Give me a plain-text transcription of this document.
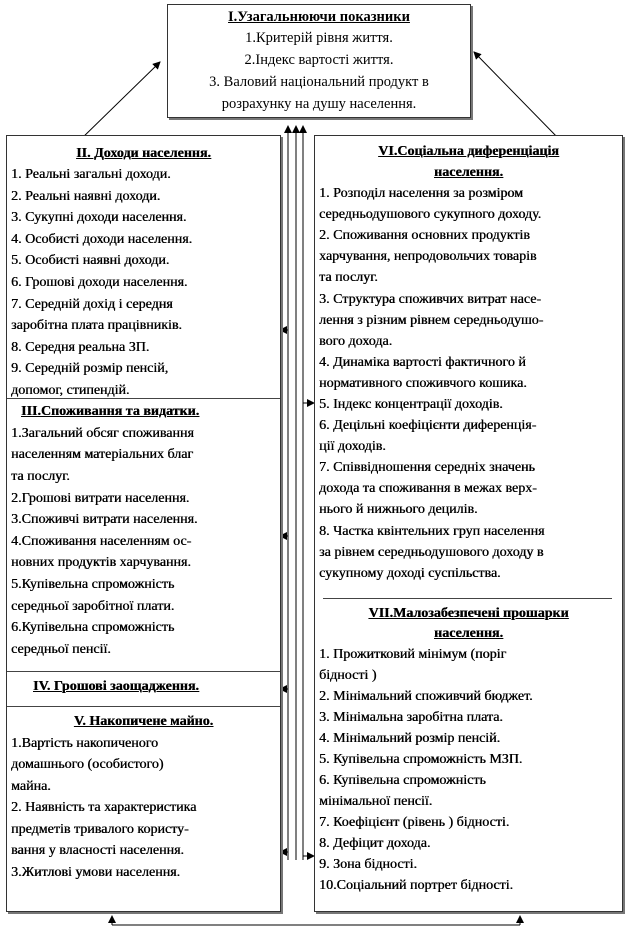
І.Узагальнюючи показники
1.Критерій рівня життя.
2.Індекс вартості життя.
3. Валовий національний продукт в
розрахунку на душу населення.
ІІ. Доходи населення.
1. Реальні загальні доходи.
2. Реальні наявні доходи.
3. Сукупні доходи населення.
4. Особисті доходи населення.
5. Особисті наявні доходи.
6. Грошові доходи населення.
7. Середній дохід і середня
заробітна плата працівників.
8. Середня реальна ЗП.
9. Середній розмір пенсій,
допомог, стипендій.
ІІІ.Споживання та видатки.
1.Загальний обсяг споживання
населенням матеріальних благ
та послуг.
2.Грошові витрати населення.
3.Споживчі витрати населення.
4.Споживання населенням ос-
новних продуктів харчування.
5.Купівельна спроможність
середньої заробітної плати.
6.Купівельна спроможність
середньої пенсії.
IV. Грошові заощадження.
V. Накопичене майно.
1.Вартість накопиченого
домашнього (особистого)
майна.
2. Наявність та характеристика
предметів тривалого користу-
вання у власності населення.
3.Житлові умови населення.
VІ.Соціальна диференціація
населення.
1. Розподіл населення за розміром
середньодушового сукупного доходу.
2. Споживання основних продуктів
харчування, непродовольчих товарів
та послуг.
3. Структура споживчих витрат насе-
лення з різним рівнем середньодушо-
вого дохода.
4. Динаміка вартості фактичного й
нормативного споживчого кошика.
5. Індекс концентрації доходів.
6. Децільні коефіцієнти диференція-
ції доходів.
7. Співвідношення середніх значень
дохода та споживання в межах верх-
нього й нижнього децилів.
8. Частка квінтельних груп населення
за рівнем середньодушового доходу в
сукупному доході суспільства.
VІІ.Малозабезпечені прошарки
населення.
1. Прожитковий мінімум (поріг
бідності )
2. Мінімальний споживчий бюджет.
3. Мінімальна заробітна плата.
4. Мінімальний розмір пенсій.
5. Купівельна спроможність МЗП.
6. Купівельна спроможність
мінімальної пенсії.
7. Коефіцієнт (рівень ) бідності.
8. Дефіцит дохода.
9. Зона бідності.
10.Соціальний портрет бідності.
